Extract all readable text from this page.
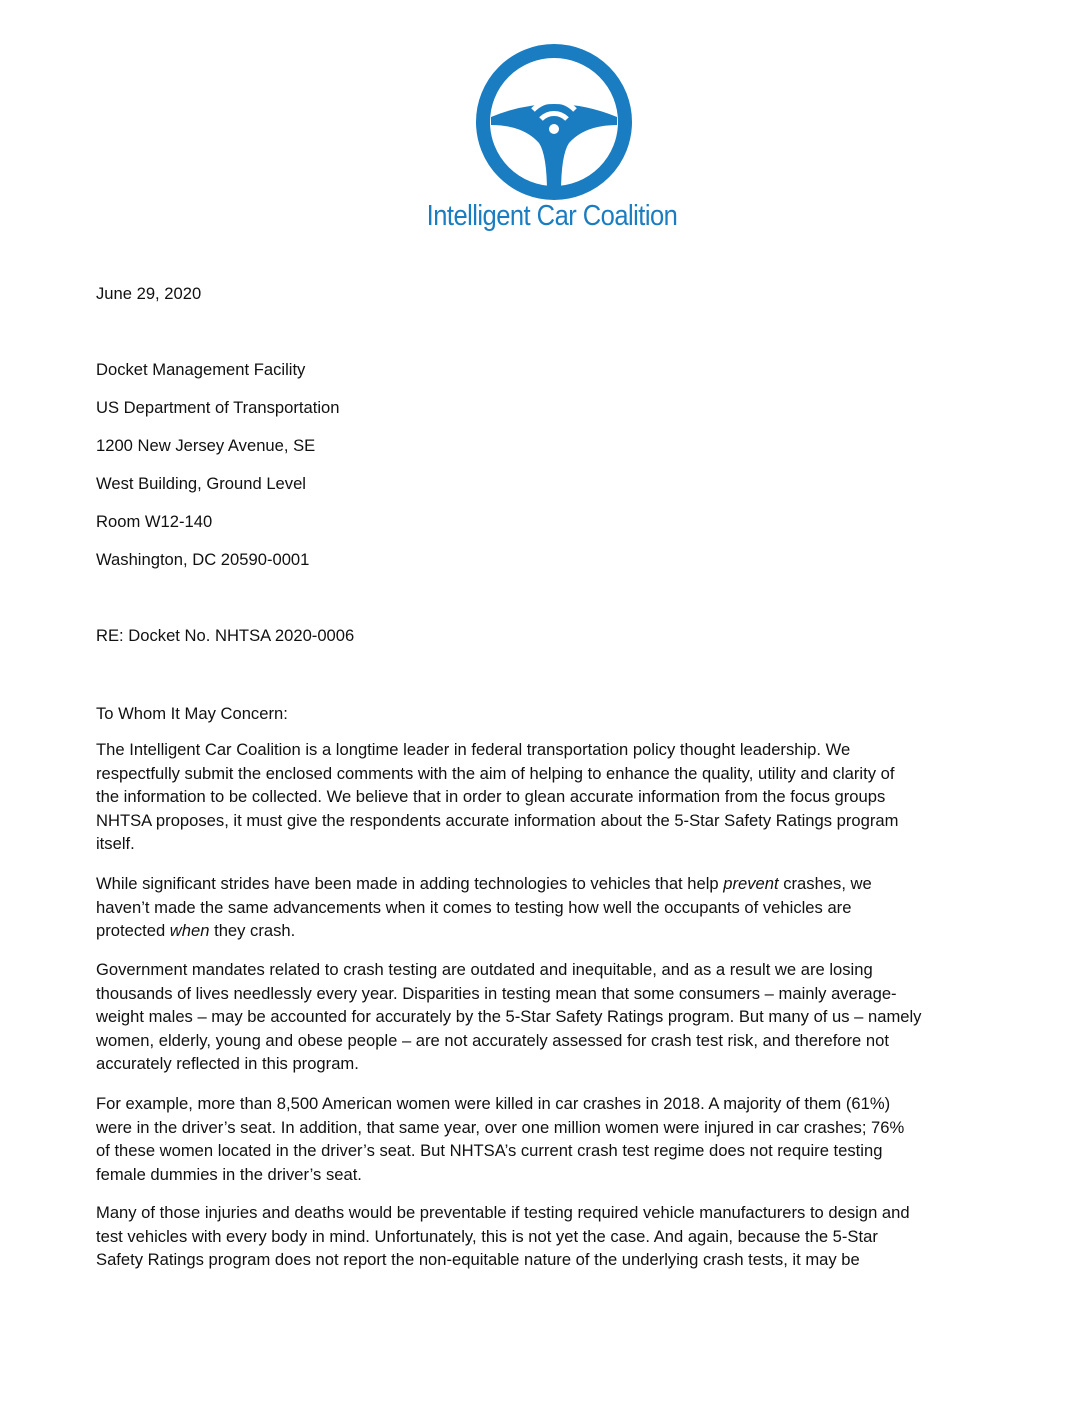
Intelligent Car Coalition
June 29, 2020
Docket Management Facility
US Department of Transportation
1200 New Jersey Avenue, SE
West Building, Ground Level
Room W12-140
Washington, DC 20590-0001
RE: Docket No. NHTSA 2020-0006
To Whom It May Concern:
The Intelligent Car Coalition is a longtime leader in federal transportation policy thought leadership. We
respectfully submit the enclosed comments with the aim of helping to enhance the quality, utility and clarity of
the information to be collected. We believe that in order to glean accurate information from the focus groups
NHTSA proposes, it must give the respondents accurate information about the 5-Star Safety Ratings program
itself.
While significant strides have been made in adding technologies to vehicles that help prevent crashes, we
haven’t made the same advancements when it comes to testing how well the occupants of vehicles are
protected when they crash.
Government mandates related to crash testing are outdated and inequitable, and as a result we are losing
thousands of lives needlessly every year. Disparities in testing mean that some consumers – mainly average-
weight males – may be accounted for accurately by the 5-Star Safety Ratings program. But many of us – namely
women, elderly, young and obese people – are not accurately assessed for crash test risk, and therefore not
accurately reflected in this program.
For example, more than 8,500 American women were killed in car crashes in 2018. A majority of them (61%)
were in the driver’s seat. In addition, that same year, over one million women were injured in car crashes; 76%
of these women located in the driver’s seat. But NHTSA’s current crash test regime does not require testing
female dummies in the driver’s seat.
Many of those injuries and deaths would be preventable if testing required vehicle manufacturers to design and
test vehicles with every body in mind. Unfortunately, this is not yet the case. And again, because the 5-Star
Safety Ratings program does not report the non-equitable nature of the underlying crash tests, it may be
